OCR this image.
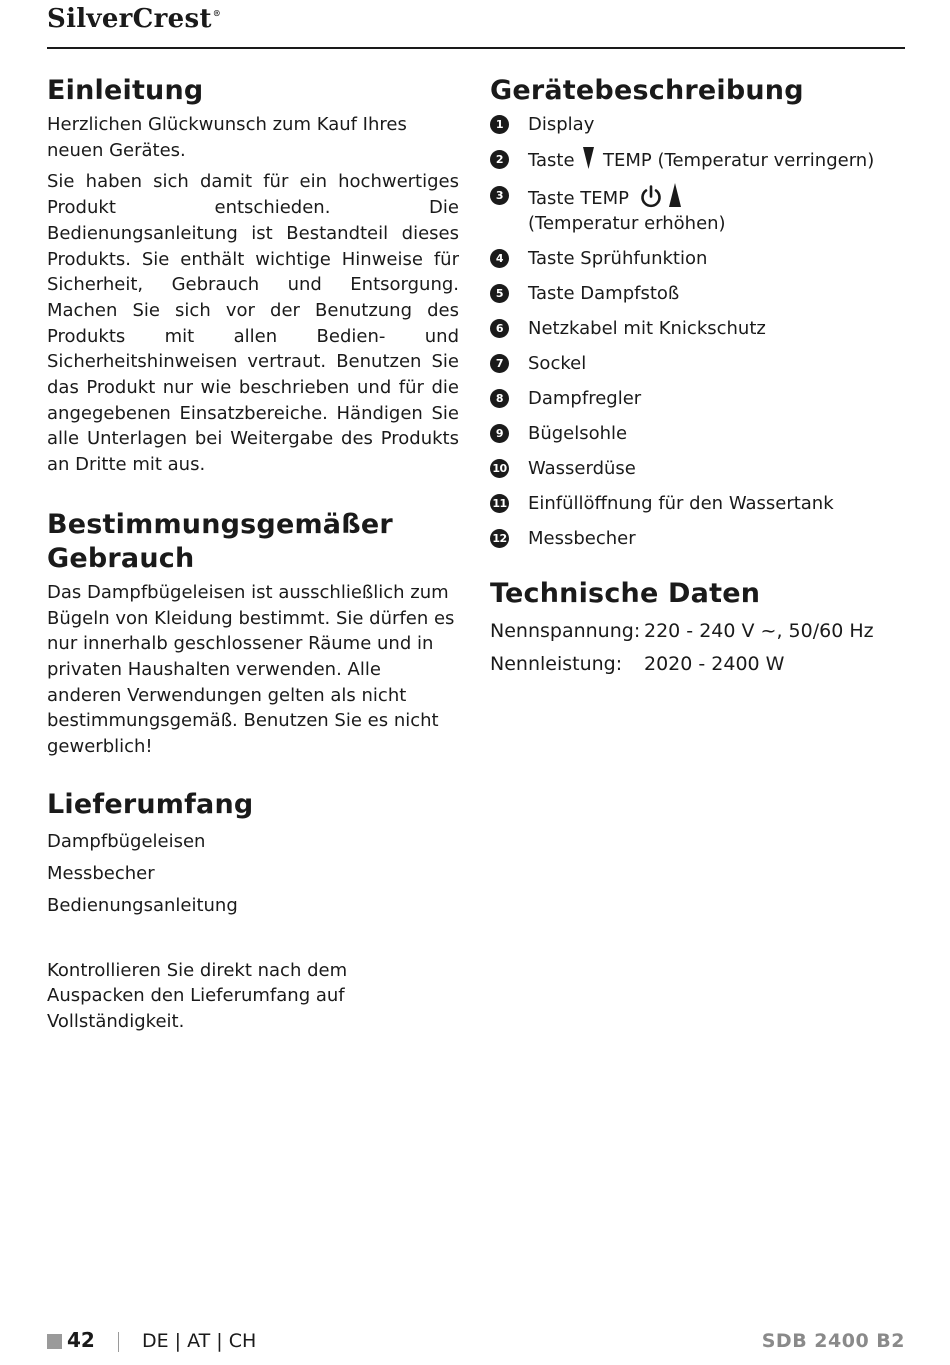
SilverCrest®
Einleitung

Herzlichen Glückwunsch zum Kauf Ihres neuen Gerätes.

Sie haben sich damit für ein hochwertiges Produkt entschieden. Die Bedienungsanleitung ist Bestandteil dieses Produkts. Sie enthält wichtige Hinweise für Sicherheit, Gebrauch und Entsorgung. Machen Sie sich vor der Benutzung des Produkts mit allen Bedien- und Sicherheitshinweisen vertraut. Benutzen Sie das Produkt nur wie beschrieben und für die angegebenen Einsatzbereiche. Händigen Sie alle Unterlagen bei Weitergabe des Produkts an Dritte mit aus.

Bestimmungsgemäßer Gebrauch

Das Dampfbügeleisen ist ausschließlich zum Bügeln von Kleidung bestimmt. Sie dürfen es nur innerhalb geschlossener Räume und in privaten Haushalten verwenden. Alle anderen Verwendungen gelten als nicht bestimmungsgemäß. Benutzen Sie es nicht gewerblich!

Lieferumfang
Dampfbügeleisen
Messbecher
Bedienungsanleitung

Kontrollieren Sie direkt nach dem Auspacken den Lieferumfang auf Vollständigkeit.

Gerätebeschreibung
1	Display
2	Taste TEMP (Temperatur verringern)
3	Taste TEMP
(Temperatur erhöhen)
4	Taste Sprühfunktion
5	Taste Dampfstoß
6	Netzkabel mit Knickschutz
7	Sockel
8	Dampfregler
9	Bügelsohle
10 Wasserdüse
11 Einfüllöffnung für den Wassertank
12 Messbecher
Technische Daten
Nennspannung: 220 - 240 V ~, 50/60 Hz
Nennleistung:	2020 - 2400 W
42 DE | AT | CH	SDB 2400 B2
